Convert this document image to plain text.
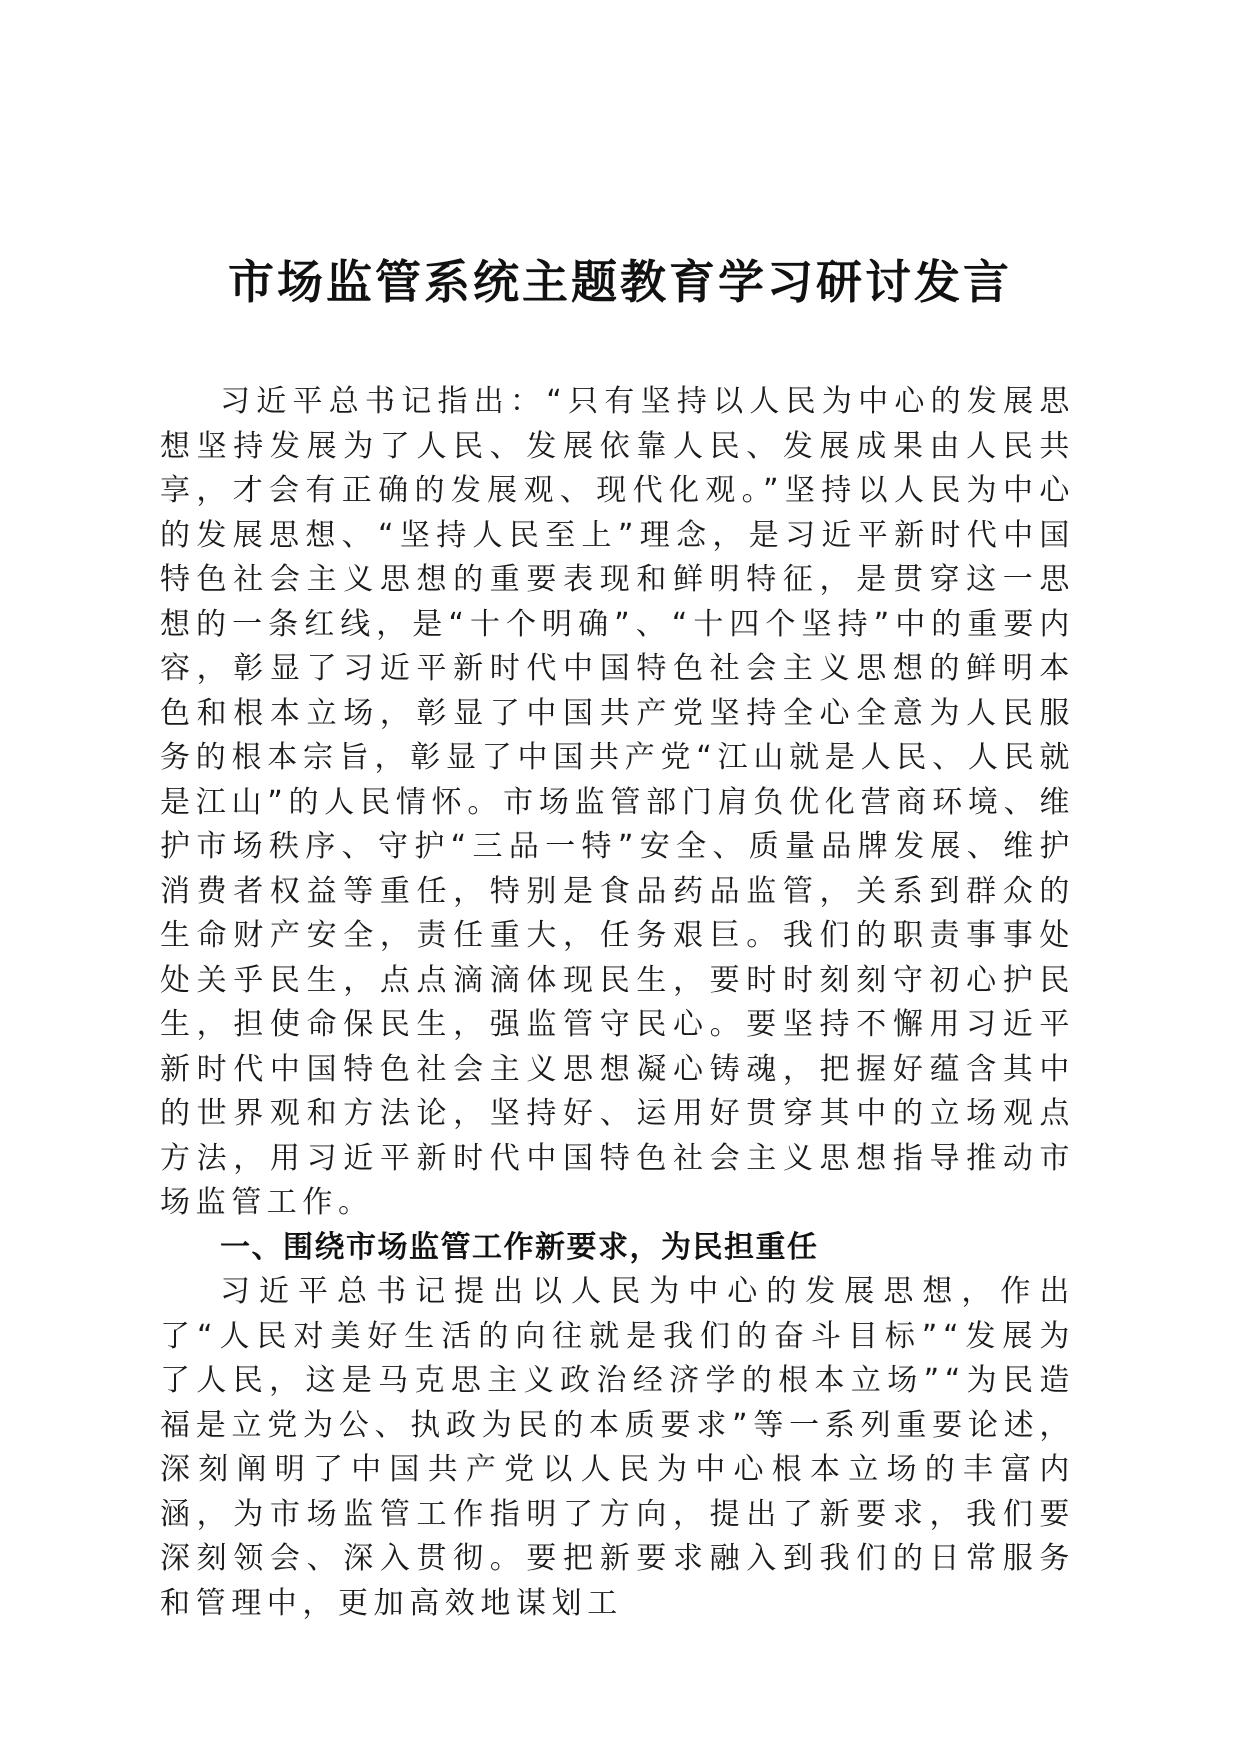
市场监管系统主题教育学习研讨发言

习近平总书记指出：“只有坚持以人民为中心的发展思想坚持发展为了人民、发展依靠人民、发展成果由人民共享，才会有正确的发展观、现代化观。”坚持以人民为中心的发展思想、“坚持人民至上”理念，是习近平新时代中国特色社会主义思想的重要表现和鲜明特征，是贯穿这一思想的一条红线，是“十个明确”、“十四个坚持”中的重要内容，彰显了习近平新时代中国特色社会主义思想的鲜明本色和根本立场，彰显了中国共产党坚持全心全意为人民服务的根本宗旨，彰显了中国共产党“江山就是人民、人民就是江山”的人民情怀。市场监管部门肩负优化营商环境、维护市场秩序、守护“三品一特”安全、质量品牌发展、维护消费者权益等重任，特别是食品药品监管，关系到群众的生命财产安全，责任重大，任务艰巨。我们的职责事事处处关乎民生，点点滴滴体现民生，要时时刻刻守初心护民生，担使命保民生，强监管守民心。要坚持不懈用习近平新时代中国特色社会主义思想凝心铸魂，把握好蕴含其中的世界观和方法论，坚持好、运用好贯穿其中的立场观点方法，用习近平新时代中国特色社会主义思想指导推动市场监管工作。

一、围绕市场监管工作新要求，为民担重任

习近平总书记提出以人民为中心的发展思想，作出了“人民对美好生活的向往就是我们的奋斗目标”“发展为了人民，这是马克思主义政治经济学的根本立场”“为民造福是立党为公、执政为民的本质要求”等一系列重要论述，深刻阐明了中国共产党以人民为中心根本立场的丰富内涵，为市场监管工作指明了方向，提出了新要求，我们要深刻领会、深入贯彻。要把新要求融入到我们的日常服务和管理中，更加高效地谋划工
